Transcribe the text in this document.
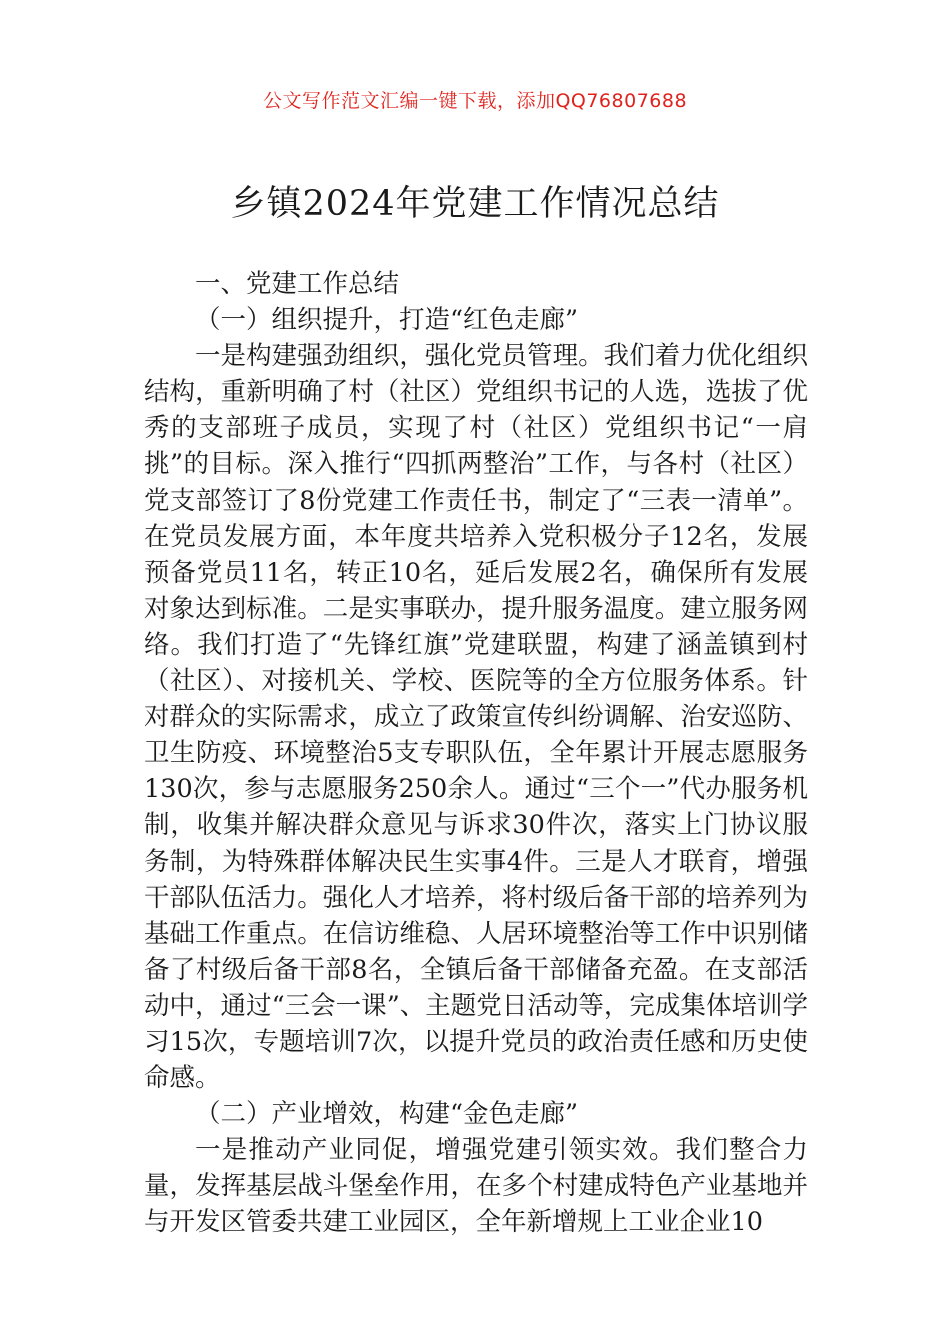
公文写作范文汇编一键下载，添加QQ76807688
乡镇2024年党建工作情况总结

一、党建工作总结

（一）组织提升，打造“红色走廊”

一是构建强劲组织，强化党员管理。我们着力优化组织结构，重新明确了村（社区）党组织书记的人选，选拔了优秀的支部班子成员，实现了村（社区）党组织书记“一肩挑”的目标。深入推行“四抓两整治”工作，与各村（社区）党支部签订了8份党建工作责任书，制定了“三表一清单”。在党员发展方面，本年度共培养入党积极分子12名，发展预备党员11名，转正10名，延后发展2名，确保所有发展对象达到标准。二是实事联办，提升服务温度。建立服务网络。我们打造了“先锋红旗”党建联盟，构建了涵盖镇到村（社区）、对接机关、学校、医院等的全方位服务体系。针对群众的实际需求，成立了政策宣传纠纷调解、治安巡防、卫生防疫、环境整治5支专职队伍，全年累计开展志愿服务130次，参与志愿服务250余人。通过“三个一”代办服务机制，收集并解决群众意见与诉求30件次，落实上门协议服务制，为特殊群体解决民生实事4件。三是人才联育，增强干部队伍活力。强化人才培养，将村级后备干部的培养列为基础工作重点。在信访维稳、人居环境整治等工作中识别储备了村级后备干部8名，全镇后备干部储备充盈。在支部活动中，通过“三会一课”、主题党日活动等，完成集体培训学习15次，专题培训7次，以提升党员的政治责任感和历史使命感。

（二）产业增效，构建“金色走廊”

一是推动产业同促，增强党建引领实效。我们整合力量，发挥基层战斗堡垒作用，在多个村建成特色产业基地并与开发区管委共建工业园区，全年新增规上工业企业10
